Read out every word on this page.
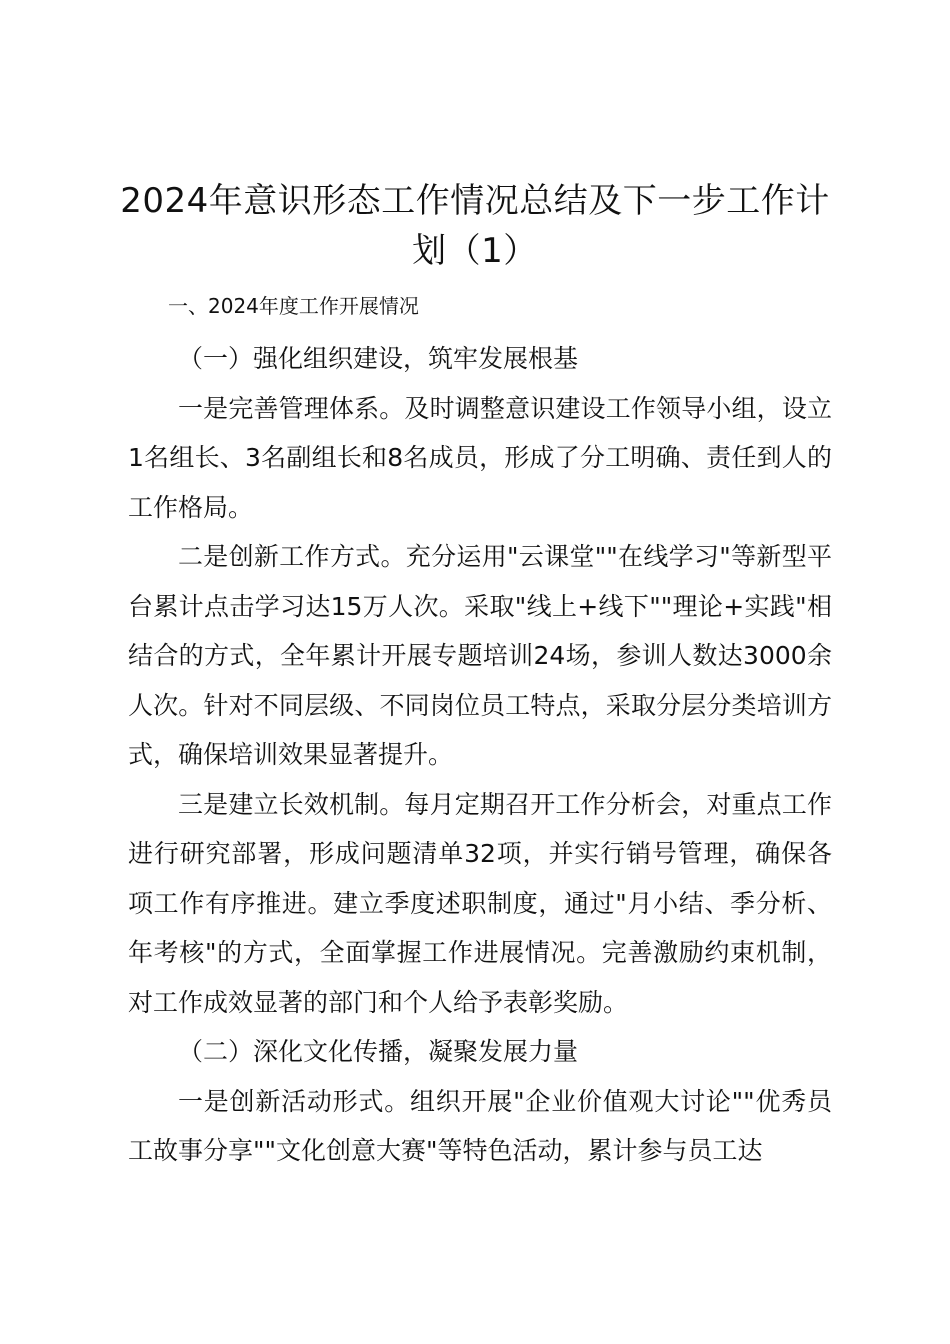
2024年意识形态工作情况总结及下一步工作计划（1）

一、2024年度工作开展情况

（一）强化组织建设，筑牢发展根基

一是完善管理体系。及时调整意识建设工作领导小组，设立1名组长、3名副组长和8名成员，形成了分工明确、责任到人的工作格局。

二是创新工作方式。充分运用"云课堂""在线学习"等新型平台累计点击学习达15万人次。采取"线上+线下""理论+实践"相结合的方式，全年累计开展专题培训24场，参训人数达3000余人次。针对不同层级、不同岗位员工特点，采取分层分类培训方式，确保培训效果显著提升。

三是建立长效机制。每月定期召开工作分析会，对重点工作进行研究部署，形成问题清单32项，并实行销号管理，确保各项工作有序推进。建立季度述职制度，通过"月小结、季分析、年考核"的方式，全面掌握工作进展情况。完善激励约束机制，对工作成效显著的部门和个人给予表彰奖励。

（二）深化文化传播，凝聚发展力量

一是创新活动形式。组织开展"企业价值观大讨论""优秀员工故事分享""文化创意大赛"等特色活动，累计参与员工达
